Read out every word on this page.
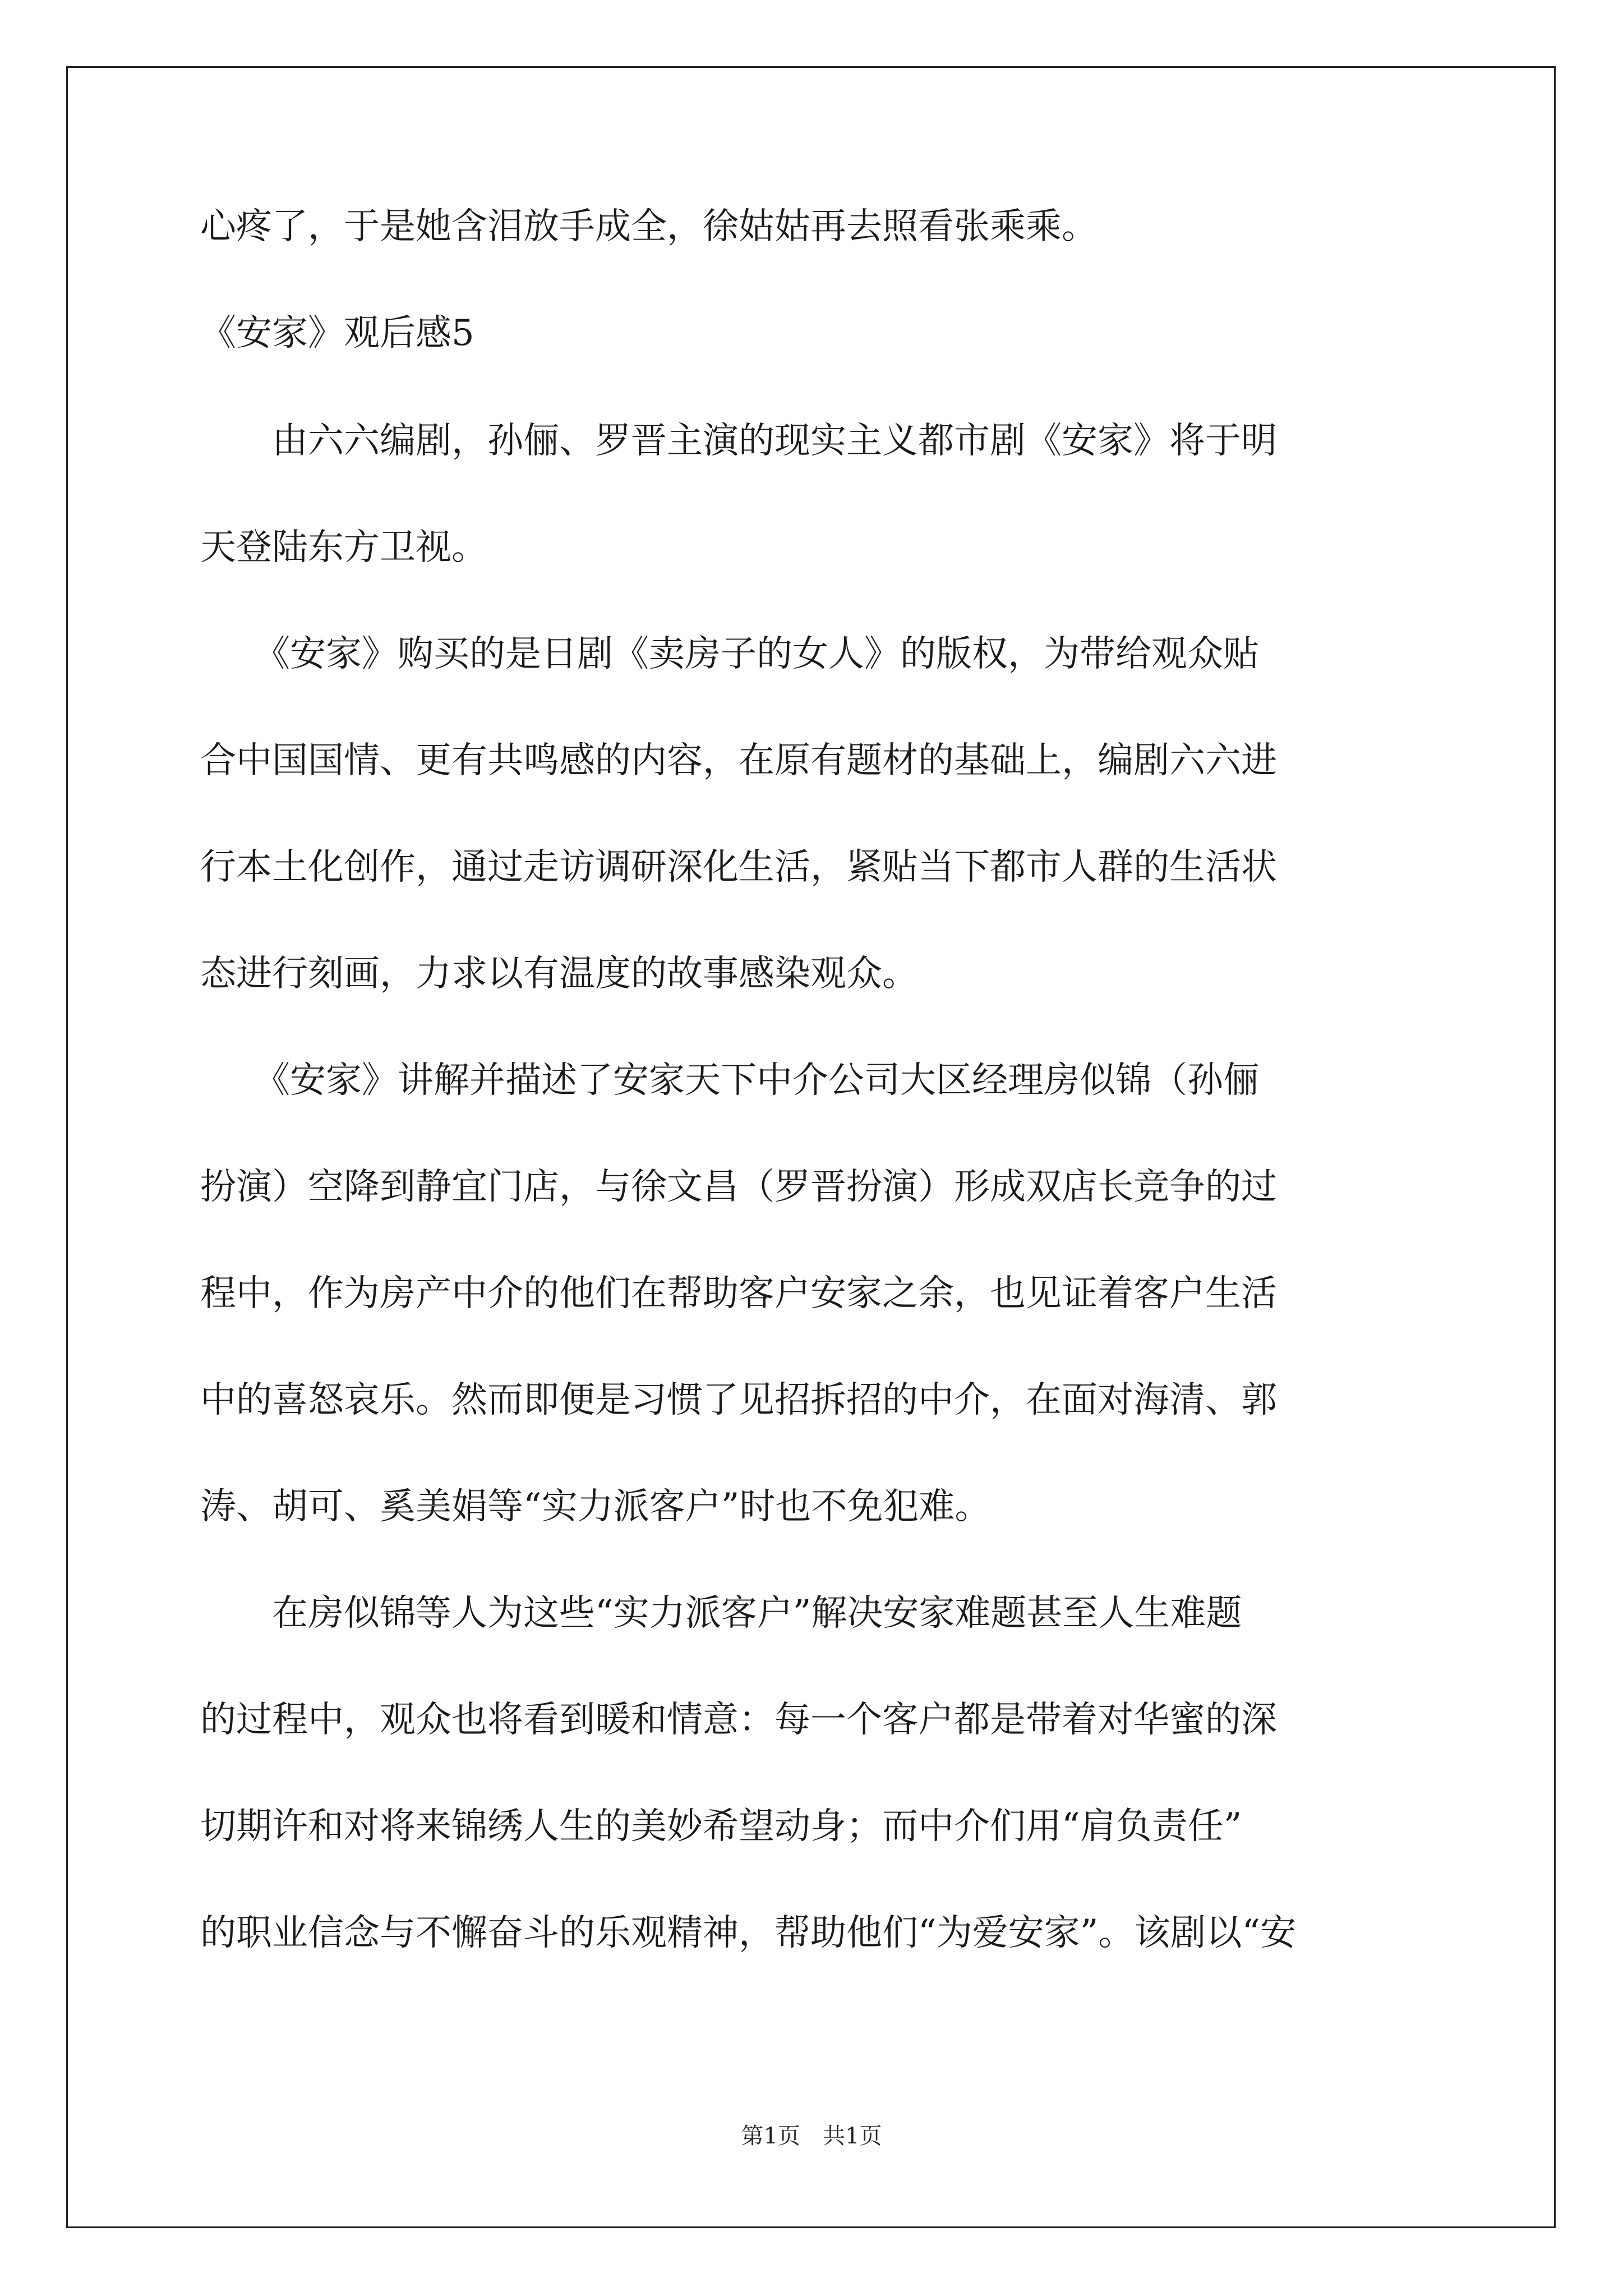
心疼了，于是她含泪放手成全，徐姑姑再去照看张乘乘。
《安家》观后感5
　　由六六编剧，孙俪、罗晋主演的现实主义都市剧《安家》将于明
天登陆东方卫视。
　　《安家》购买的是日剧《卖房子的女人》的版权，为带给观众贴
合中国国情、更有共鸣感的内容，在原有题材的基础上，编剧六六进
行本土化创作，通过走访调研深化生活，紧贴当下都市人群的生活状
态进行刻画，力求以有温度的故事感染观众。
　　《安家》讲解并描述了安家天下中介公司大区经理房似锦（孙俪
扮演）空降到静宜门店，与徐文昌（罗晋扮演）形成双店长竞争的过
程中，作为房产中介的他们在帮助客户安家之余，也见证着客户生活
中的喜怒哀乐。然而即便是习惯了见招拆招的中介，在面对海清、郭
涛、胡可、奚美娟等“实力派客户”时也不免犯难。
　　在房似锦等人为这些“实力派客户”解决安家难题甚至人生难题
的过程中，观众也将看到暖和情意：每一个客户都是带着对华蜜的深
切期许和对将来锦绣人生的美妙希望动身；而中介们用“肩负责任”
的职业信念与不懈奋斗的乐观精神，帮助他们“为爱安家”。该剧以“安
第1页 共1页
